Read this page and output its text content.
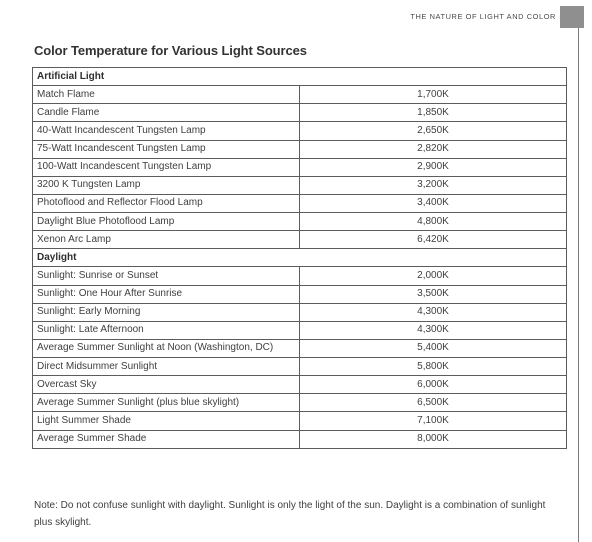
THE NATURE OF LIGHT AND COLOR
Color Temperature for Various Light Sources
Artificial Light	
Match Flame	1,700K
Candle Flame	1,850K
40-Watt Incandescent Tungsten Lamp	2,650K
75-Watt Incandescent Tungsten Lamp	2,820K
100-Watt Incandescent Tungsten Lamp	2,900K
3200 K Tungsten Lamp	3,200K
Photoflood and Reflector Flood Lamp	3,400K
Daylight Blue Photoflood Lamp	4,800K
Xenon Arc Lamp	6,420K
Daylight	
Sunlight: Sunrise or Sunset	2,000K
Sunlight: One Hour After Sunrise	3,500K
Sunlight: Early Morning	4,300K
Sunlight: Late Afternoon	4,300K
Average Summer Sunlight at Noon (Washington, DC)	5,400K
Direct Midsummer Sunlight	5,800K
Overcast Sky	6,000K
Average Summer Sunlight (plus blue skylight)	6,500K
Light Summer Shade	7,100K
Average Summer Shade	8,000K
Note: Do not confuse sunlight with daylight. Sunlight is only the light of the sun. Daylight is a combination of sunlight plus skylight.
